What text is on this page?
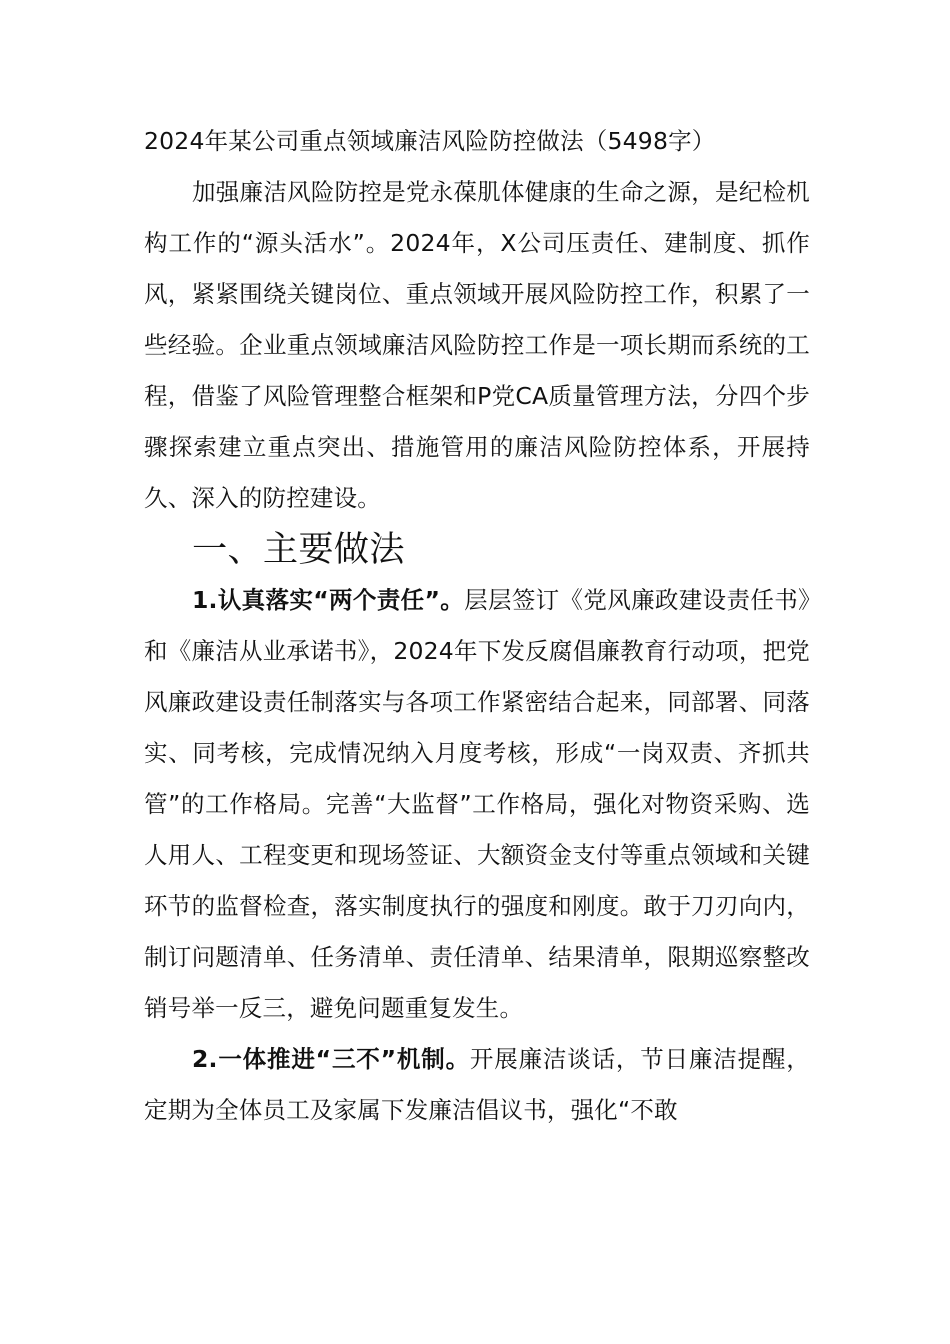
2024年某公司重点领域廉洁风险防控做法（5498字）

加强廉洁风险防控是党永葆肌体健康的生命之源，是纪检机构工作的“源头活水”。2024年，X公司压责任、建制度、抓作风，紧紧围绕关键岗位、重点领域开展风险防控工作，积累了一些经验。企业重点领域廉洁风险防控工作是一项长期而系统的工程，借鉴了风险管理整合框架和P党CA质量管理方法，分四个步骤探索建立重点突出、措施管用的廉洁风险防控体系，开展持久、深入的防控建设。

一、主要做法

1.认真落实“两个责任”。层层签订《党风廉政建设责任书》和《廉洁从业承诺书》，2024年下发反腐倡廉教育行动项，把党风廉政建设责任制落实与各项工作紧密结合起来，同部署、同落实、同考核，完成情况纳入月度考核，形成“一岗双责、齐抓共管”的工作格局。完善“大监督”工作格局，强化对物资采购、选人用人、工程变更和现场签证、大额资金支付等重点领域和关键环节的监督检查，落实制度执行的强度和刚度。敢于刀刃向内，制订问题清单、任务清单、责任清单、结果清单，限期巡察整改销号举一反三，避免问题重复发生。

2.一体推进“三不”机制。开展廉洁谈话，节日廉洁提醒，定期为全体员工及家属下发廉洁倡议书，强化“不敢
